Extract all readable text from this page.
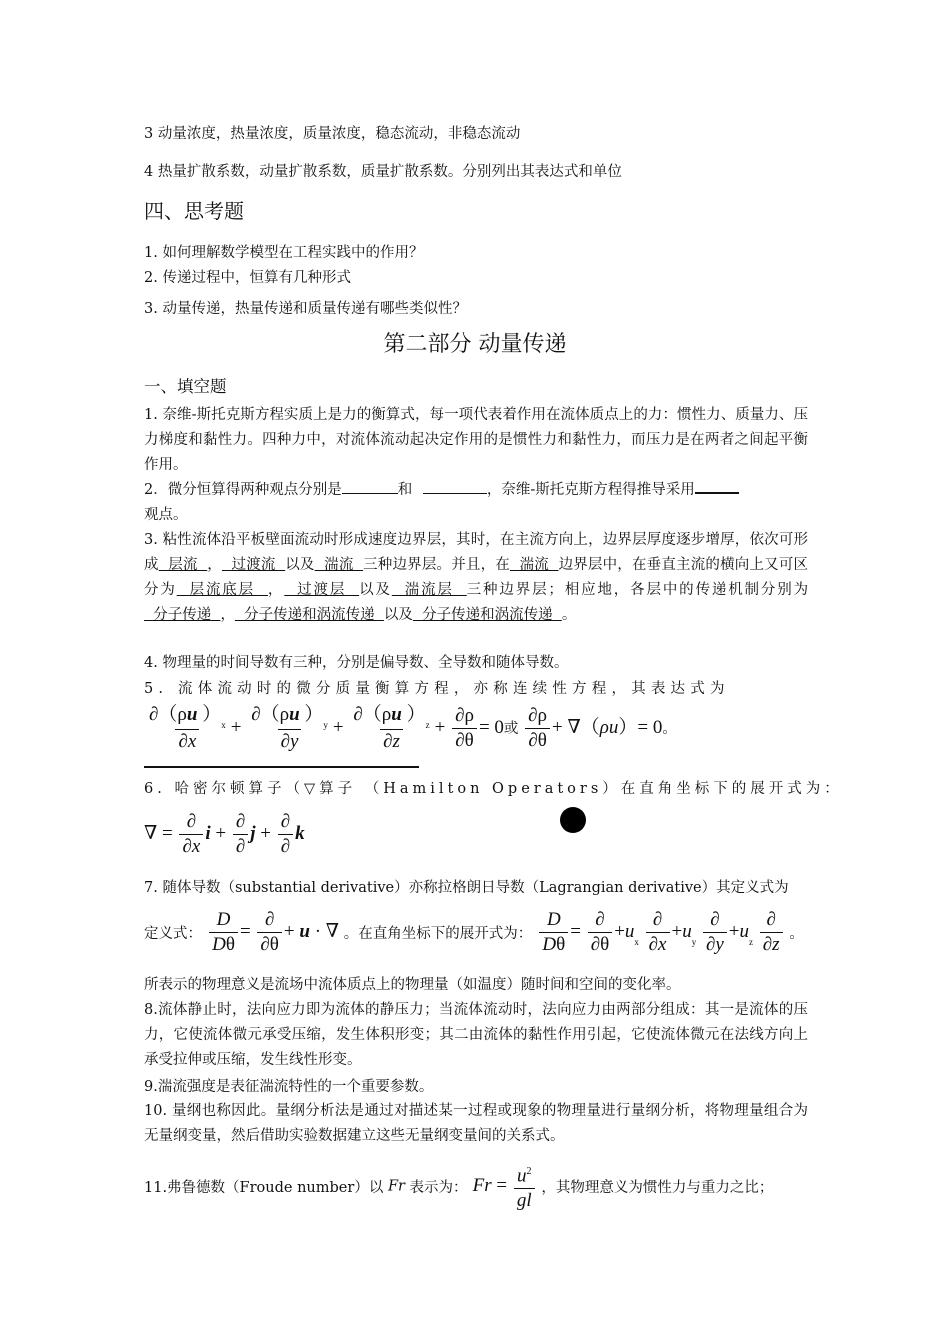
3 动量浓度，热量浓度，质量浓度，稳态流动，非稳态流动
4 热量扩散系数，动量扩散系数，质量扩散系数。分别列出其表达式和单位
四、思考题
1. 如何理解数学模型在工程实践中的作用？
2. 传递过程中，恒算有几种形式
3. 动量传递，热量传递和质量传递有哪些类似性？
第二部分 动量传递
一、填空题
1. 奈维-斯托克斯方程实质上是力的衡算式，每一项代表着作用在流体质点上的力：惯性力、质量力、压力梯度和黏性力。四种力中，对流体流动起决定作用的是惯性力和黏性力，而压力是在两者之间起平衡作用。
2．微分恒算得两种观点分别是	和	，奈维-斯托克斯方程得推导采用
观点。
3. 粘性流体沿平板壁面流动时形成速度边界层，其时，在主流方向上，边界层厚度逐步增厚，依次可形成  层流  ，  过渡流  以及  湍流  三种边界层。并且，在  湍流  边界层中，在垂直主流的横向上又可区分为  层流底层  ，  过渡层  以及  湍流层  三种边界层；相应地，各层中的传递机制分别为  分子传递  ，  分子传递和涡流传递  以及  分子传递和涡流传递  。
4. 物理量的时间导数有三种，分别是偏导数、全导数和随体导数。
5. 流体流动时的微分质量衡算方程，亦称连续性方程，其表达式为
$\frac{\partial(\rho u )_x}{\partial x} + \frac{\partial(\rho u )_y}{\partial y} + \frac{\partial(\rho u )_z}{\partial z} + \frac{\partial\rho}{\partial\theta} = 0$或 $\frac{\partial\rho}{\partial\theta} + \nabla(\rho u)= 0$。
6. 哈密尔顿算子（▽算子 （Hamilton Operators）在直角坐标下的展开式为：
∇ = $\frac{\partial}{\partial x}$ $i + \frac{\partial}{\partial}$ $j + \frac{\partial}{\partial}$ k
7. 随体导数（substantial derivative）亦称拉格朗日导数（Lagrangian derivative）其定义式为
定义式： $\frac{D}{D\theta} = \frac{\partial}{\partial\theta} + u$ · ∇ 。在直角坐标下的展开式为： $\frac{D}{D\theta} = \frac{\partial}{\partial\theta} +u_x \frac{\partial}{\partial x} +u_y \frac{\partial}{\partial y} +u_z \frac{\partial}{\partial z}$ 。
所表示的物理意义是流场中流体质点上的物理量（如温度）随时间和空间的变化率。
8.流体静止时，法向应力即为流体的静压力；当流体流动时，法向应力由两部分组成：其一是流体的压力，它使流体微元承受压缩，发生体积形变；其二由流体的黏性作用引起，它使流体微元在法线方向上承受拉伸或压缩，发生线性形变。
9.湍流强度是表征湍流特性的一个重要参数。
10. 量纲也称因此。量纲分析法是通过对描述某一过程或现象的物理量进行量纲分析，将物理量组合为无量纲变量，然后借助实验数据建立这些无量纲变量间的关系式。
11.弗鲁德数（Froude number）以 Fr 表示为： $Fr = \frac{u^2}{gl}$ ，其物理意义为惯性力与重力之比；
